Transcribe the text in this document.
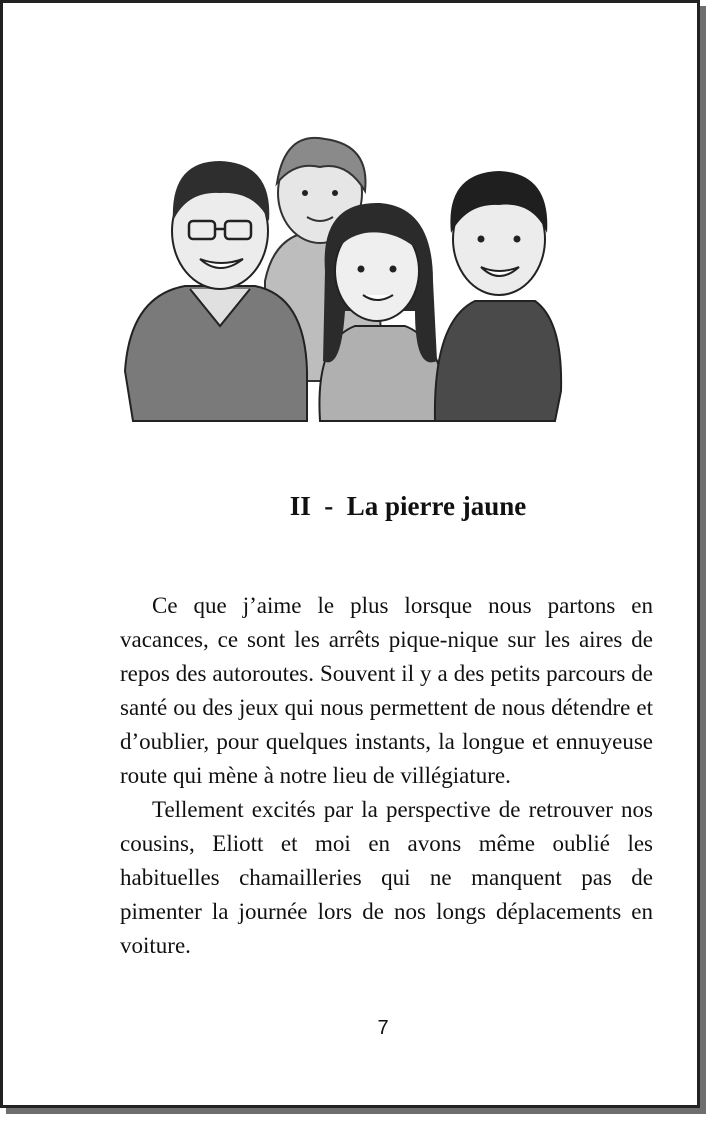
II  -  La pierre jaune

Ce que j’aime le plus lorsque nous partons en vacances, ce sont les arrêts pique-nique sur les aires de repos des autoroutes. Souvent il y a des petits parcours de santé ou des jeux qui nous permettent de nous détendre et d’oublier, pour quelques instants, la longue et ennuyeuse route qui mène à notre lieu de villégiature.

Tellement excités par la perspective de retrouver nos cousins, Eliott et moi en avons même oublié les habituelles chamailleries qui ne manquent pas de pimenter la journée lors de nos longs déplacements en voiture.

7
